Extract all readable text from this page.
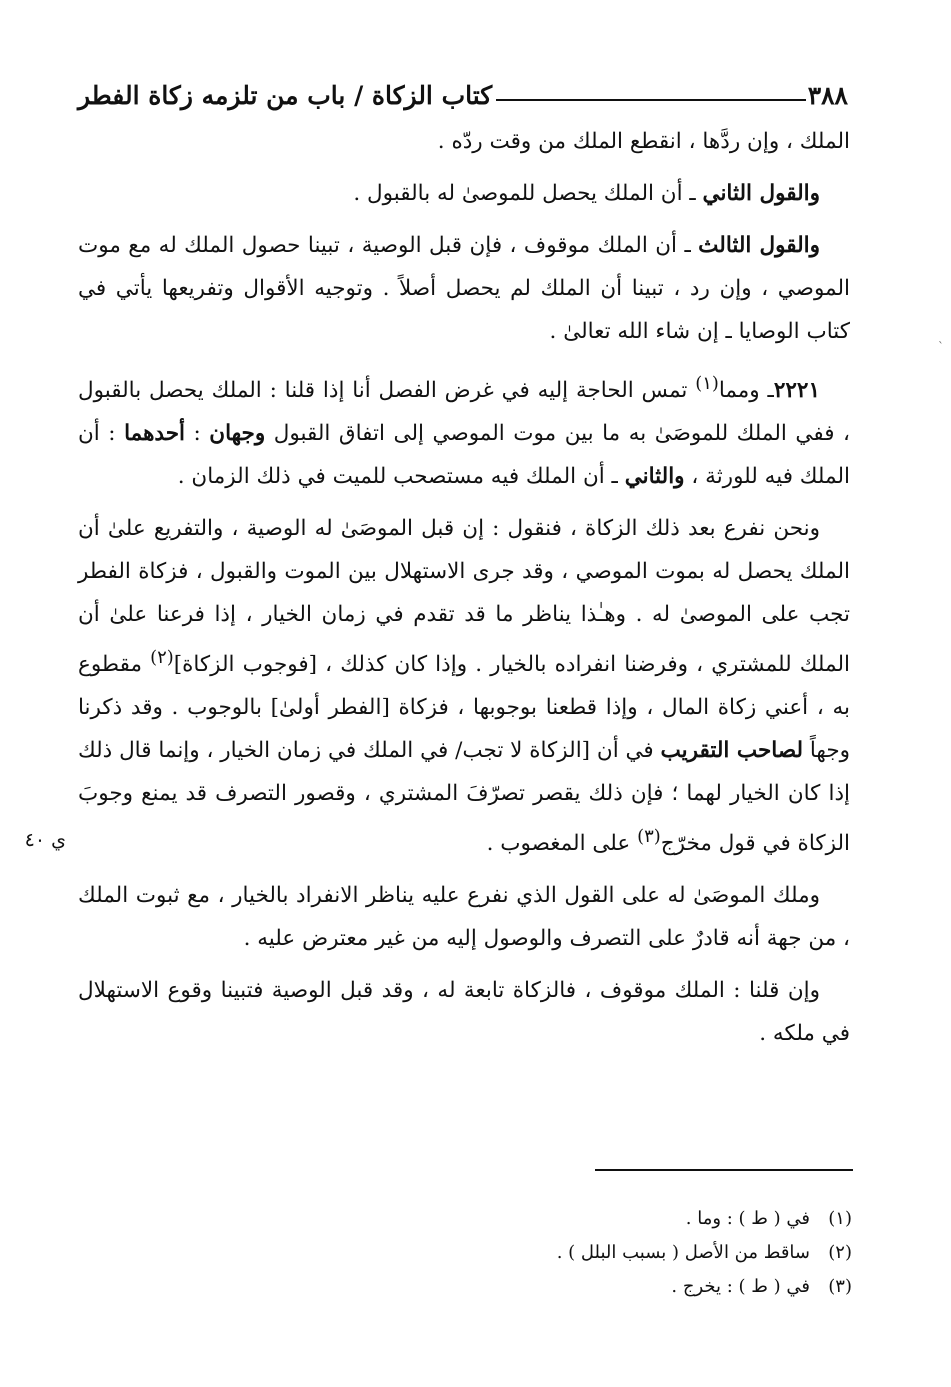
٣٨٨
كتاب الزكاة / باب من تلزمه زكاة الفطر

الملك ، وإن ردَّها ، انقطع الملك من وقت ردّه .

والقول الثاني ـ أن الملك يحصل للموصىٰ له بالقبول .

والقول الثالث ـ أن الملك موقوف ، فإن قبل الوصية ، تبينا حصول الملك له مع موت الموصي ، وإن رد ، تبينا أن الملك لم يحصل أصلاً . وتوجيه الأقوال وتفريعها يأتي في كتاب الوصايا ـ إن شاء الله تعالىٰ .

٢٢٢١ـ ومما$^{(١)}$ تمس الحاجة إليه في غرض الفصل أنا إذا قلنا : الملك يحصل بالقبول ، ففي الملك للموصَىٰ به ما بين موت الموصي إلى اتفاق القبول وجهان : أحدهما : أن الملك فيه للورثة ، والثاني ـ أن الملك فيه مستصحب للميت في ذلك الزمان .

ونحن نفرع بعد ذلك الزكاة ، فنقول : إن قبل الموصَىٰ له الوصية ، والتفريع علىٰ أن الملك يحصل له بموت الموصي ، وقد جرى الاستهلال بين الموت والقبول ، فزكاة الفطر تجب على الموصىٰ له . وهـٰذا يناظر ما قد تقدم في زمان الخيار ، إذا فرعنا علىٰ أن الملك للمشتري ، وفرضنا انفراده بالخيار . وإذا كان كذلك ، [فوجوب الزكاة]$^{(٢)}$ مقطوع به ، أعني زكاة المال ، وإذا قطعنا بوجوبها ، فزكاة [الفطر أولىٰ] بالوجوب . وقد ذكرنا وجهاً لصاحب التقريب في أن [الزكاة لا تجب/ في الملك في زمان الخيار ، وإنما قال ذلك إذا كان الخيار لهما ؛ فإن ذلك يقصر تصرّفَ المشتري ، وقصور التصرف قد يمنع وجوبَ الزكاة في قول مخرّج$^{(٣)}$ على المغصوب .

وملك الموصَىٰ له على القول الذي نفرع عليه يناظر الانفراد بالخيار ، مع ثبوت الملك ، من جهة أنه قادرٌ على التصرف والوصول إليه من غير معترض عليه .

وإن قلنا : الملك موقوف ، فالزكاة تابعة له ، وقد قبل الوصية فتبينا وقوع الاستهلال في ملكه .

ي ٤٠
`
(١)في ( ط ) : وما .
(٢)ساقط من الأصل ( بسبب البلل ) .
(٣)في ( ط ) : يخرج .
